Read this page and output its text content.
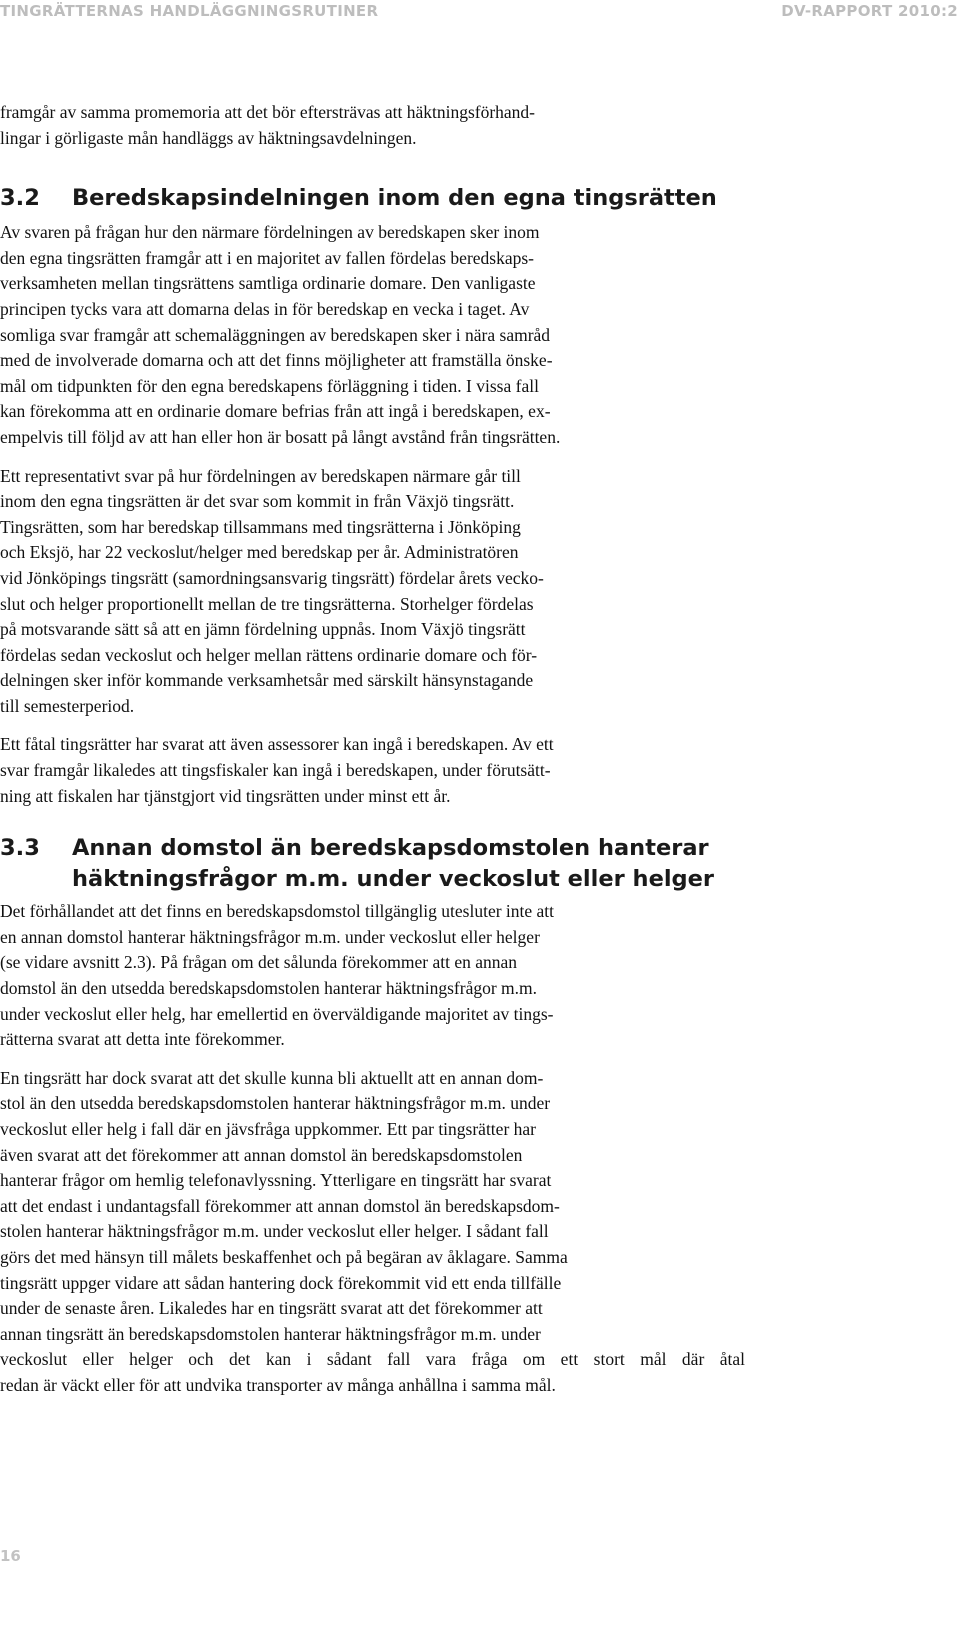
TINGRÄTTERNAS HANDLÄGGNINGSRUTINER	DV-RAPPORT 2010:2

framgår av samma promemoria att det bör eftersträvas att häktningsförhand-
lingar i görligaste mån handläggs av häktningsavdelningen.

3.2 Beredskapsindelningen inom den egna tingsrätten

Av svaren på frågan hur den närmare fördelningen av beredskapen sker inom
den egna tingsrätten framgår att i en majoritet av fallen fördelas beredskaps-
verksamheten mellan tingsrättens samtliga ordinarie domare. Den vanligaste
principen tycks vara att domarna delas in för beredskap en vecka i taget. Av
somliga svar framgår att schemaläggningen av beredskapen sker i nära samråd
med de involverade domarna och att det finns möjligheter att framställa önske-
mål om tidpunkten för den egna beredskapens förläggning i tiden. I vissa fall
kan förekomma att en ordinarie domare befrias från att ingå i beredskapen, ex-
empelvis till följd av att han eller hon är bosatt på långt avstånd från tingsrätten.

Ett representativt svar på hur fördelningen av beredskapen närmare går till
inom den egna tingsrätten är det svar som kommit in från Växjö tingsrätt.
Tingsrätten, som har beredskap tillsammans med tingsrätterna i Jönköping
och Eksjö, har 22 veckoslut/helger med beredskap per år. Administratören
vid Jönköpings tingsrätt (samordningsansvarig tingsrätt) fördelar årets vecko-
slut och helger proportionellt mellan de tre tingsrätterna. Storhelger fördelas
på motsvarande sätt så att en jämn fördelning uppnås. Inom Växjö tingsrätt
fördelas sedan veckoslut och helger mellan rättens ordinarie domare och för-
delningen sker inför kommande verksamhetsår med särskilt hänsynstagande
till semesterperiod.

Ett fåtal tingsrätter har svarat att även assessorer kan ingå i beredskapen. Av ett
svar framgår likaledes att tingsfiskaler kan ingå i beredskapen, under förutsätt-
ning att fiskalen har tjänstgjort vid tingsrätten under minst ett år.

3.3 Annan domstol än beredskapsdomstolen hanterar
häktningsfrågor m.m. under veckoslut eller helger

Det förhållandet att det finns en beredskapsdomstol tillgänglig utesluter inte att
en annan domstol hanterar häktningsfrågor m.m. under veckoslut eller helger
(se vidare avsnitt 2.3). På frågan om det sålunda förekommer att en annan
domstol än den utsedda beredskapsdomstolen hanterar häktningsfrågor m.m.
under veckoslut eller helg, har emellertid en överväldigande majoritet av tings-
rätterna svarat att detta inte förekommer.

En tingsrätt har dock svarat att det skulle kunna bli aktuellt att en annan dom-
stol än den utsedda beredskapsdomstolen hanterar häktningsfrågor m.m. under
veckoslut eller helg i fall där en jävsfråga uppkommer. Ett par tingsrätter har
även svarat att det förekommer att annan domstol än beredskapsdomstolen
hanterar frågor om hemlig telefonavlyssning. Ytterligare en tingsrätt har svarat
att det endast i undantagsfall förekommer att annan domstol än beredskapsdom-
stolen hanterar häktningsfrågor m.m. under veckoslut eller helger. I sådant fall
görs det med hänsyn till målets beskaffenhet och på begäran av åklagare. Samma
tingsrätt uppger vidare att sådan hantering dock förekommit vid ett enda tillfälle
under de senaste åren. Likaledes har en tingsrätt svarat att det förekommer att
annan tingsrätt än beredskapsdomstolen hanterar häktningsfrågor m.m. under
veckoslut eller helger och det kan i sådant fall vara fråga om ett stort mål där åtal
redan är väckt eller för att undvika transporter av många anhållna i samma mål.

16
